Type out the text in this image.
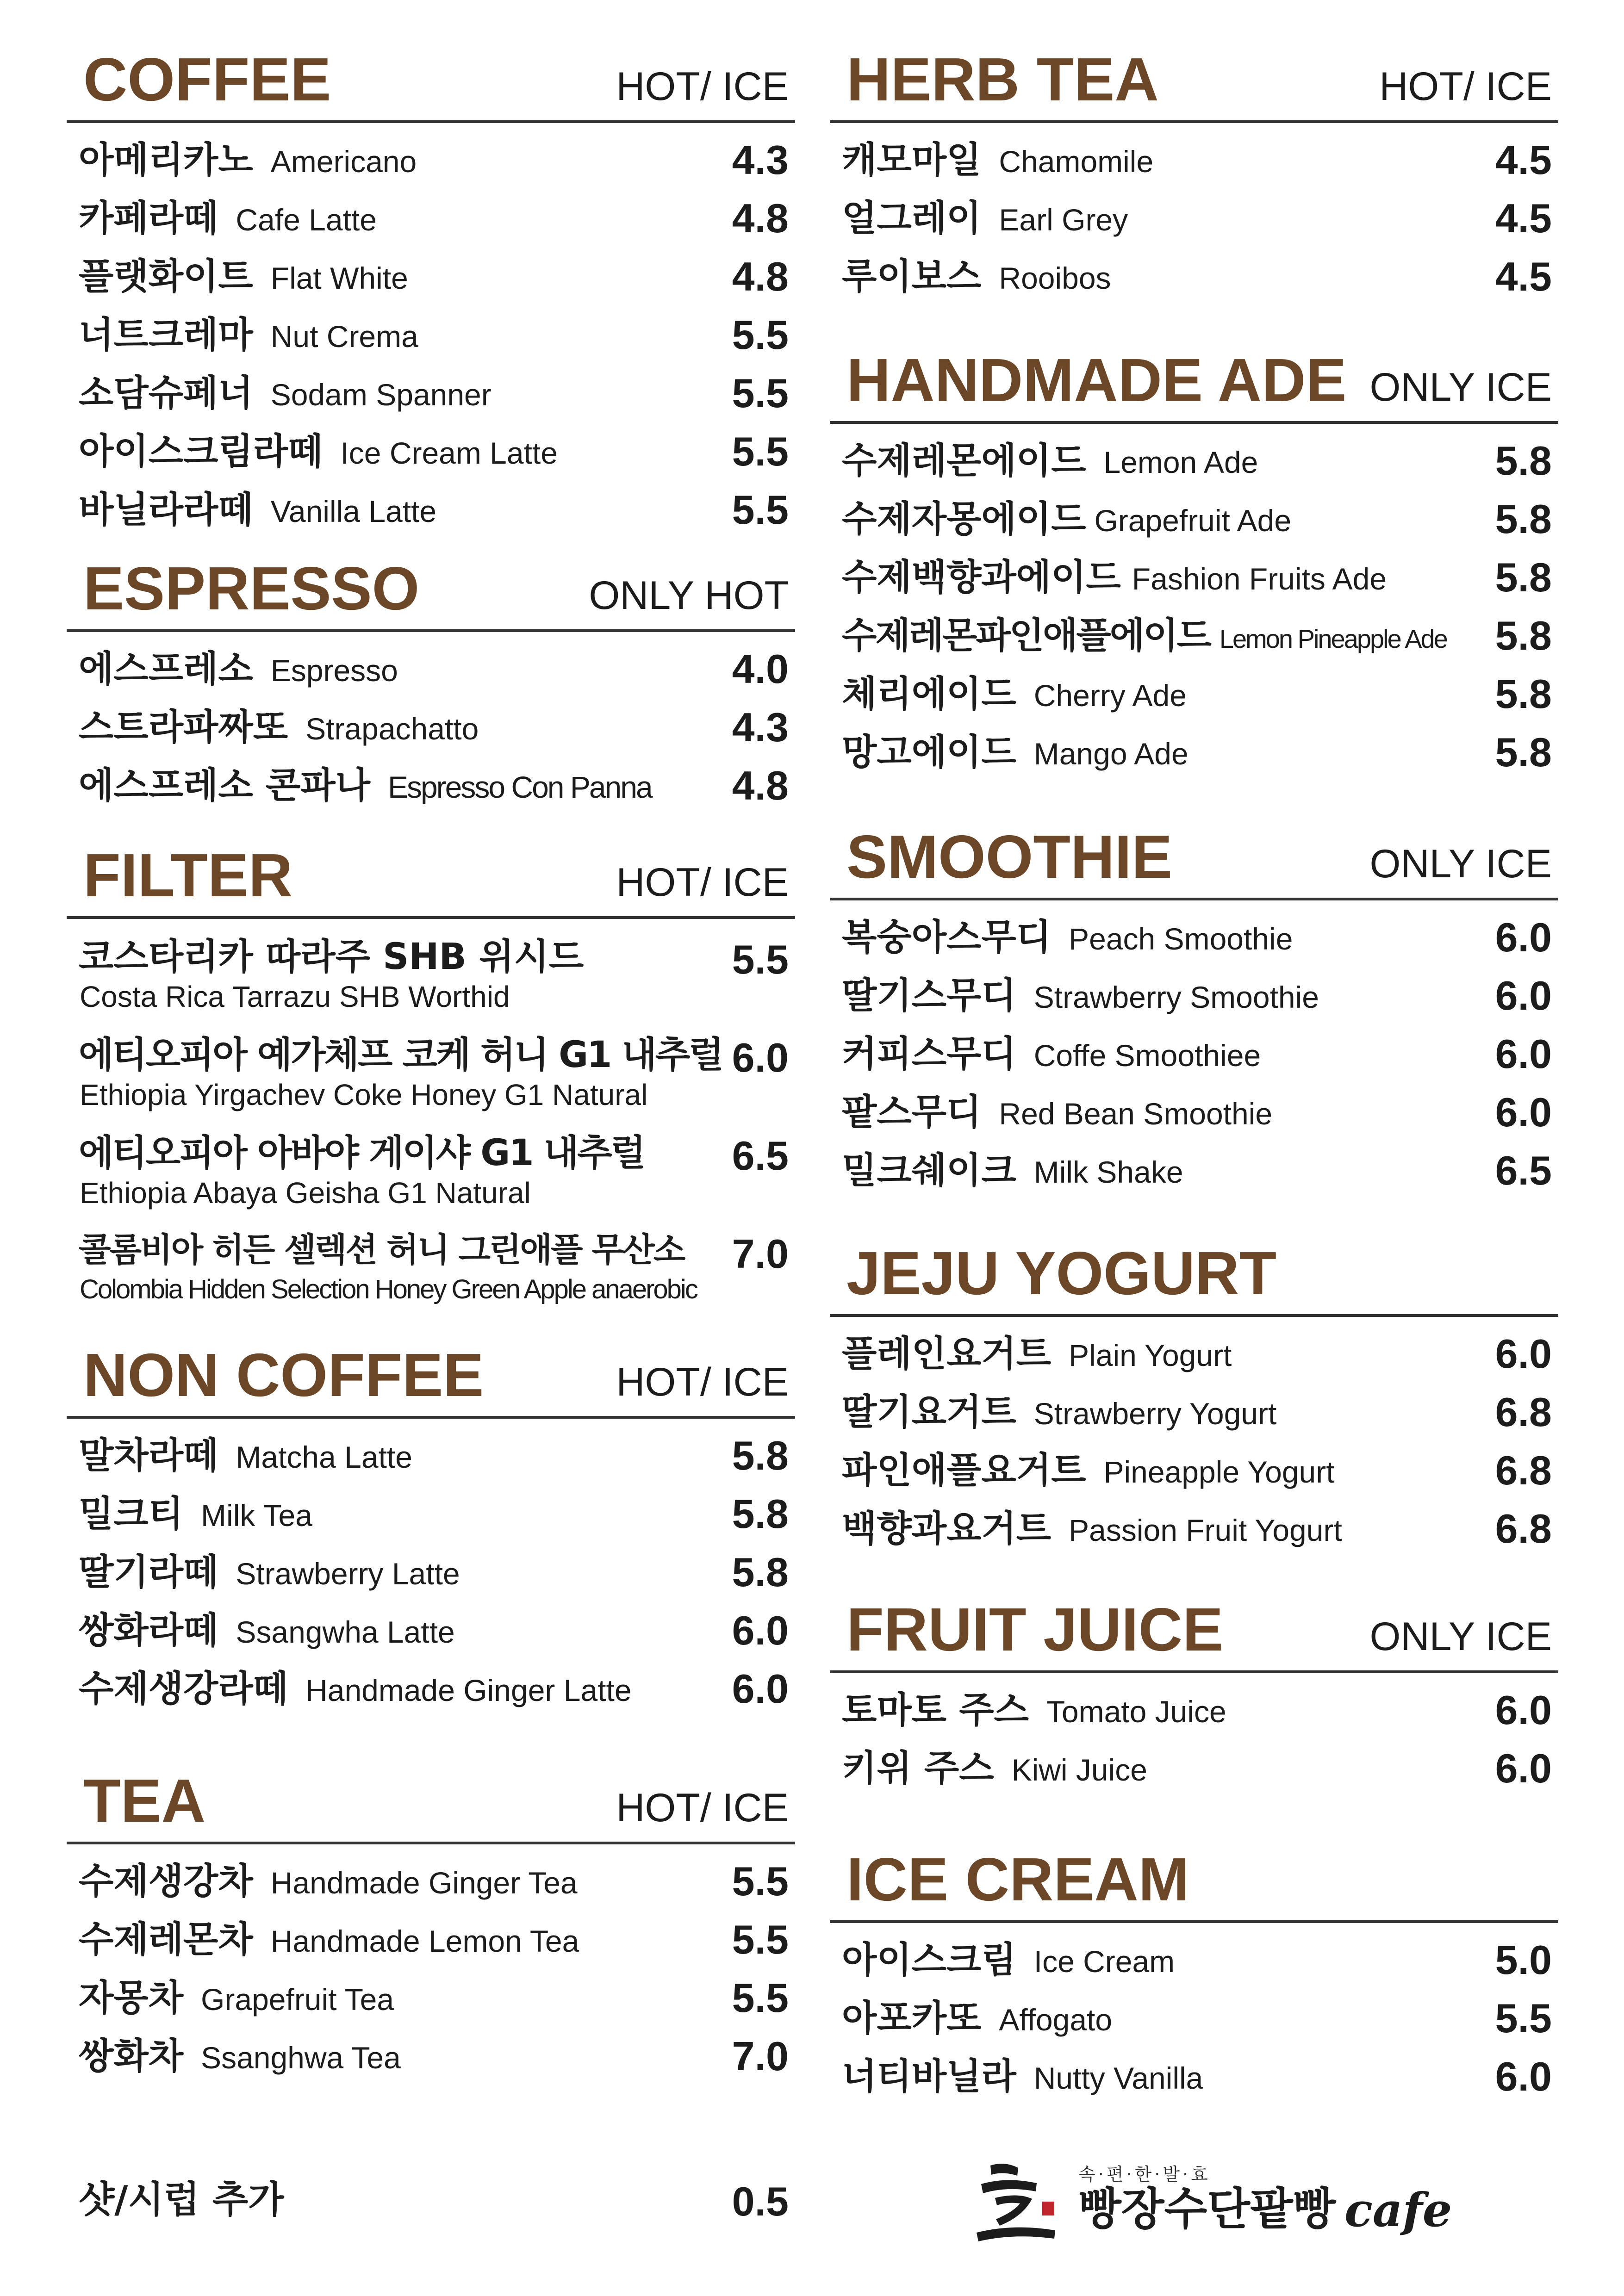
COFFEE	HOT/ ICE
아메리카노 Americano	4.3
카페라떼 Cafe Latte	4.8
플랫화이트 Flat White	4.8
너트크레마 Nut Crema	5.5
소담슈페너 Sodam Spanner	5.5
아이스크림라떼 Ice Cream Latte	5.5
바닐라라떼 Vanilla Latte	5.5
ESPRESSO	ONLY HOT
에스프레소 Espresso	4.0
스트라파짜또 Strapachatto	4.3
에스프레소 콘파나 Espresso Con Panna 4.8
FILTER	HOT/ ICE
코스타리카 따라주 SHB 위시드
Costa Rica Tarrazu SHB Worthid
5.5
에티오피아 예가체프 코케 허니 G1 내추럴
Ethiopia Yirgachev Coke Honey G1 Natural
6.0
에티오피아 아바야 게이샤 G1 내추럴
Ethiopia Abaya Geisha G1 Natural
6.5
콜롬비아 히든 셀렉션 허니 그린애플 무산소
Colombia Hidden Selection Honey Green Apple anaerobic
7.0
NON COFFEE	HOT/ ICE
말차라떼 Matcha Latte	5.8
밀크티 Milk Tea	5.8
딸기라떼 Strawberry Latte	5.8
쌍화라떼 Ssangwha Latte	6.0
수제생강라떼 Handmade Ginger Latte 6.0
TEA	HOT/ ICE
수제생강차 Handmade Ginger Tea	5.5
수제레몬차 Handmade Lemon Tea	5.5
자몽차 Grapefruit Tea	5.5
쌍화차 Ssanghwa Tea	7.0
샷/시럽 추가	0.5
HERB TEA	HOT/ ICE
캐모마일 Chamomile	4.5
얼그레이 Earl Grey	4.5
루이보스 Rooibos	4.5
HANDMADE ADE ONLY ICE
수제레몬에이드 Lemon Ade	5.8
수제자몽에이드 Grapefruit Ade	5.8
수제백향과에이드 Fashion Fruits Ade	5.8
수제레몬파인애플에이드 Lemon Pineapple Ade 5.8
체리에이드 Cherry Ade	5.8
망고에이드 Mango Ade	5.8
SMOOTHIE	ONLY ICE
복숭아스무디 Peach Smoothie	6.0
딸기스무디 Strawberry Smoothie	6.0
커피스무디 Coffe Smoothiee	6.0
팥스무디 Red Bean Smoothie	6.0
밀크쉐이크 Milk Shake	6.5
JEJU YOGURT
플레인요거트 Plain Yogurt	6.0
딸기요거트 Strawberry Yogurt	6.8
파인애플요거트 Pineapple Yogurt	6.8
백향과요거트 Passion Fruit Yogurt	6.8
FRUIT JUICE	ONLY ICE
토마토 주스 Tomato Juice	6.0
키위 주스 Kiwi Juice	6.0
ICE CREAM
아이스크림 Ice Cream	5.0
아포카또 Affogato	5.5
너티바닐라 Nutty Vanilla	6.0
속·편·한·발·효
빵장수단팥빵 cafe
